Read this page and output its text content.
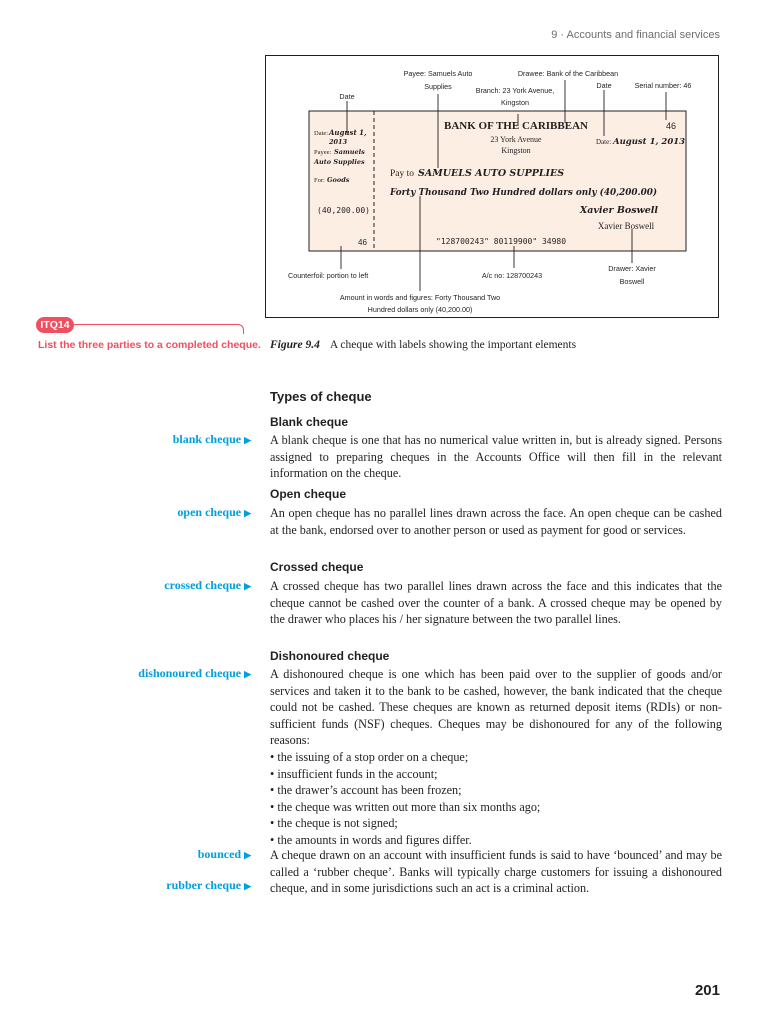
9 · Accounts and financial services
Payee: Samuels Auto
Supplies
Drawee: Bank of the Caribbean
Branch: 23 York Avenue,
Kingston
Date
Date	Serial number: 46
Counterfoil: portion to left	A/c no: 128700243
Drawer: Xavier
Boswell
Amount in words and figures: Forty Thousand Two
Hundred dollars only (40,200.00)
Date: August 1,
2013
Payee: Samuels
Auto Supplies
For: Goods
(40,200.00)
46
BANK OF THE CARIBBEAN
23 York Avenue
Kingston
46
Date: August 1, 2013
Pay to SAMUELS AUTO SUPPLIES
Forty Thousand Two Hundred dollars only (40,200.00)
Xavier Boswell
Xavier Boswell
"128700243" 80119900" 34980
ITQ14
List the three parties to a completed cheque. Figure 9.4 A cheque with labels showing the important elements
Types of cheque
Blank cheque
blank cheque ▶ A blank cheque is one that has no numerical value written in, but is already signed. Persons assigned to preparing cheques in the Accounts Office will then fill in the relevant information on the cheque.

Open cheque
open cheque ▶ An open cheque has no parallel lines drawn across the face. An open cheque can be cashed at the bank, endorsed over to another person or used as payment for good or services.

Crossed cheque
crossed cheque ▶ A crossed cheque has two parallel lines drawn across the face and this indicates that the cheque cannot be cashed over the counter of a bank. A crossed cheque may be opened by the drawer who places his / her signature between the two parallel lines.

Dishonoured cheque
dishonoured cheque ▶ A dishonoured cheque is one which has been paid over to the supplier of goods and/or services and taken it to the bank to be cashed, however, the bank indicated that the cheque could not be cashed. These cheques are known as returned deposit items (RDIs) or non-sufficient funds (NSF) cheques. Cheques may be dishonoured for any of the following reasons:

• the issuing of a stop order on a cheque;
• insufficient funds in the account;
• the drawer’s account has been frozen;
• the cheque was written out more than six months ago;
• the cheque is not signed;
• the amounts in words and figures differ.
bounced ▶
rubber cheque ▶

A cheque drawn on an account with insufficient funds is said to have ‘bounced’ and may be called a ‘rubber cheque’. Banks will typically charge customers for issuing a dishonoured cheque, and in some jurisdictions such an act is a criminal action.

201
